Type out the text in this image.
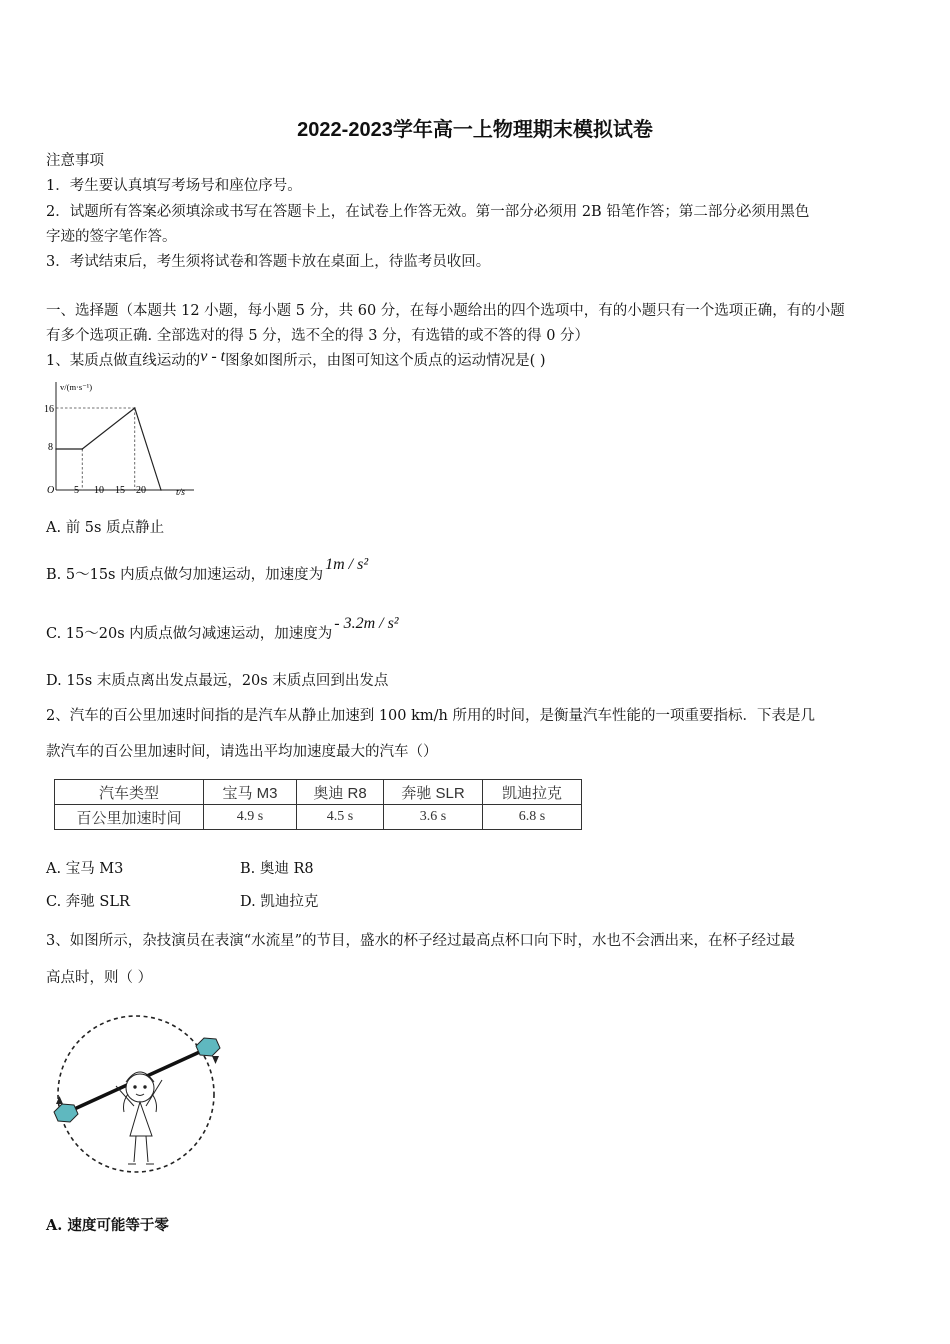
2022-2023学年高一上物理期末模拟试卷
注意事项
1．考生要认真填写考场号和座位序号。
2．试题所有答案必须填涂或书写在答题卡上，在试卷上作答无效。第一部分必须用 2B 铅笔作答；第二部分必须用黑色
字迹的签字笔作答。
3．考试结束后，考生须将试卷和答题卡放在桌面上，待监考员收回。
一、选择题（本题共 12 小题，每小题 5 分，共 60 分，在每小题给出的四个选项中，有的小题只有一个选项正确，有的小题
有多个选项正确. 全部选对的得 5 分，选不全的得 3 分，有选错的或不答的得 0 分）
1、某质点做直线运动的v - t图象如图所示，由图可知这个质点的运动情况是( )
v/(m·s⁻¹)
t/s
O
16
8
5 10 15 20
A. 前 5s 质点静止
B. 5～15s 内质点做匀加速运动，加速度为1m / s²
C. 15～20s 内质点做匀减速运动，加速度为- 3.2m / s²
D. 15s 末质点离出发点最远，20s 末质点回到出发点
2、汽车的百公里加速时间指的是汽车从静止加速到 100 km/h 所用的时间，是衡量汽车性能的一项重要指标．下表是几
款汽车的百公里加速时间，请选出平均加速度最大的汽车（）
汽车类型	宝马 M3	奥迪 R8	奔驰 SLR	凯迪拉克
百公里加速时间	4.9 s	4.5 s	3.6 s	6.8 s
A. 宝马 M3	B. 奥迪 R8
C. 奔驰 SLR	D. 凯迪拉克
3、如图所示，杂技演员在表演“水流星”的节目，盛水的杯子经过最高点杯口向下时，水也不会洒出来，在杯子经过最
高点时，则（ ）
A. 速度可能等于零
